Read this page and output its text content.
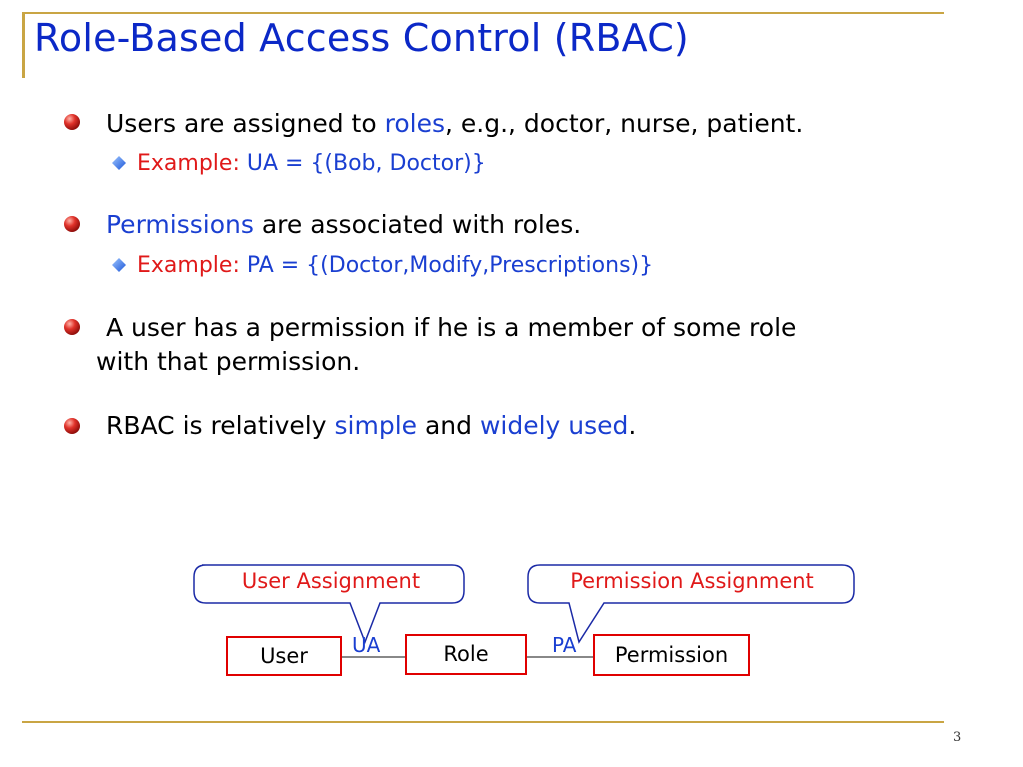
Role-Based Access Control (RBAC)
Users are assigned to roles, e.g., doctor, nurse, patient.
Example: UA = {(Bob, Doctor)}
Permissions are associated with roles.
Example: PA = {(Doctor,Modify,Prescriptions)}
A user has a permission if he is a member of some role
with that permission.
RBAC is relatively simple and widely used.
User Assignment	Permission Assignment
User	Role	Permission
UA	PA
3
